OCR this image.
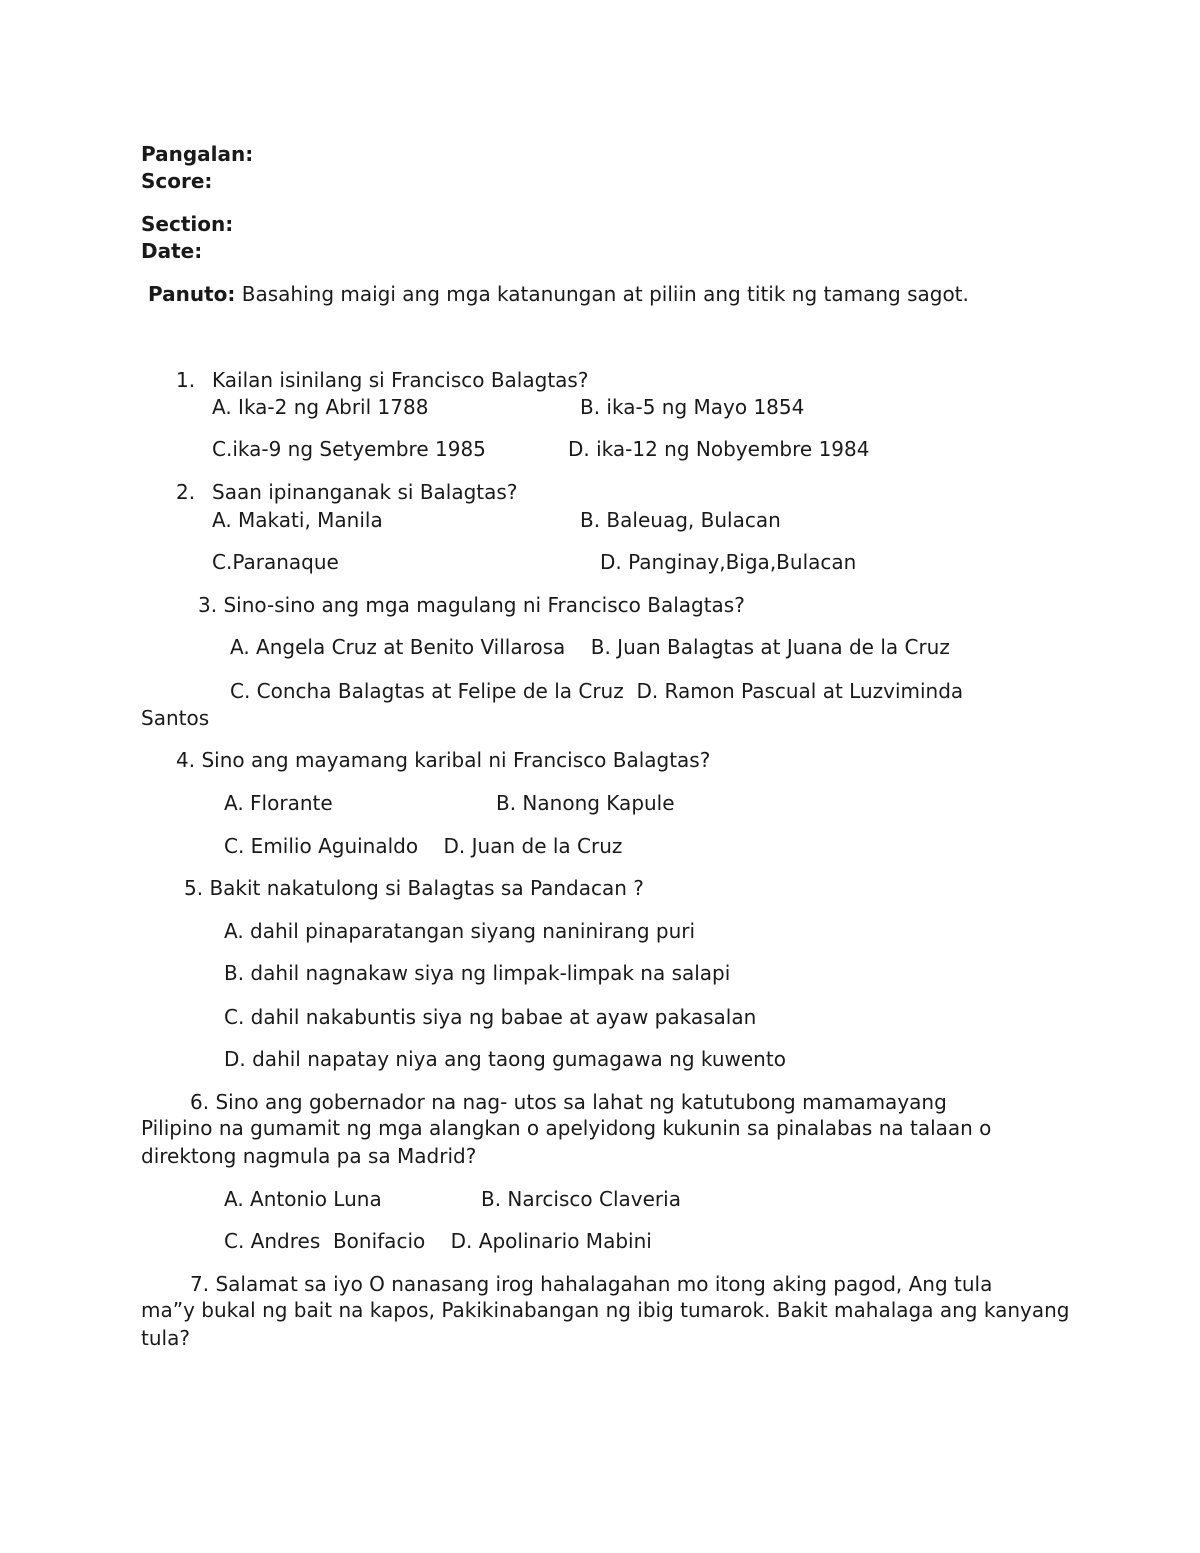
Pangalan:

Score:

Section:

Date:

Panuto: Basahing maigi ang mga katanungan at piliin ang titik ng tamang sagot.

1. Kailan isinilang si Francisco Balagtas?

A. Ika-2 ng Abril 1788	B. ika-5 ng Mayo 1854

C.ika-9 ng Setyembre 1985	D. ika-12 ng Nobyembre 1984

2. Saan ipinanganak si Balagtas?

A. Makati, Manila	B. Baleuag, Bulacan

C.Paranaque	D. Panginay,Biga,Bulacan

3. Sino-sino ang mga magulang ni Francisco Balagtas?

A. Angela Cruz at Benito Villarosa    B. Juan Balagtas at Juana de la Cruz

C. Concha Balagtas at Felipe de la Cruz  D. Ramon Pascual at Luzviminda

Santos

4. Sino ang mayamang karibal ni Francisco Balagtas?

A. Florante	B. Nanong Kapule

C. Emilio Aguinaldo    D. Juan de la Cruz

5. Bakit nakatulong si Balagtas sa Pandacan ?

A. dahil pinaparatangan siyang naninirang puri

B. dahil nagnakaw siya ng limpak-limpak na salapi

C. dahil nakabuntis siya ng babae at ayaw pakasalan

D. dahil napatay niya ang taong gumagawa ng kuwento

6. Sino ang gobernador na nag- utos sa lahat ng katutubong mamamayang

Pilipino na gumamit ng mga alangkan o apelyidong kukunin sa pinalabas na talaan o direktong nagmula pa sa Madrid?

A. Antonio Luna	B. Narcisco Claveria

C. Andres  Bonifacio    D. Apolinario Mabini

7. Salamat sa iyo O nanasang irog hahalagahan mo itong aking pagod, Ang tula

ma”y bukal ng bait na kapos, Pakikinabangan ng ibig tumarok. Bakit mahalaga ang kanyang tula?
